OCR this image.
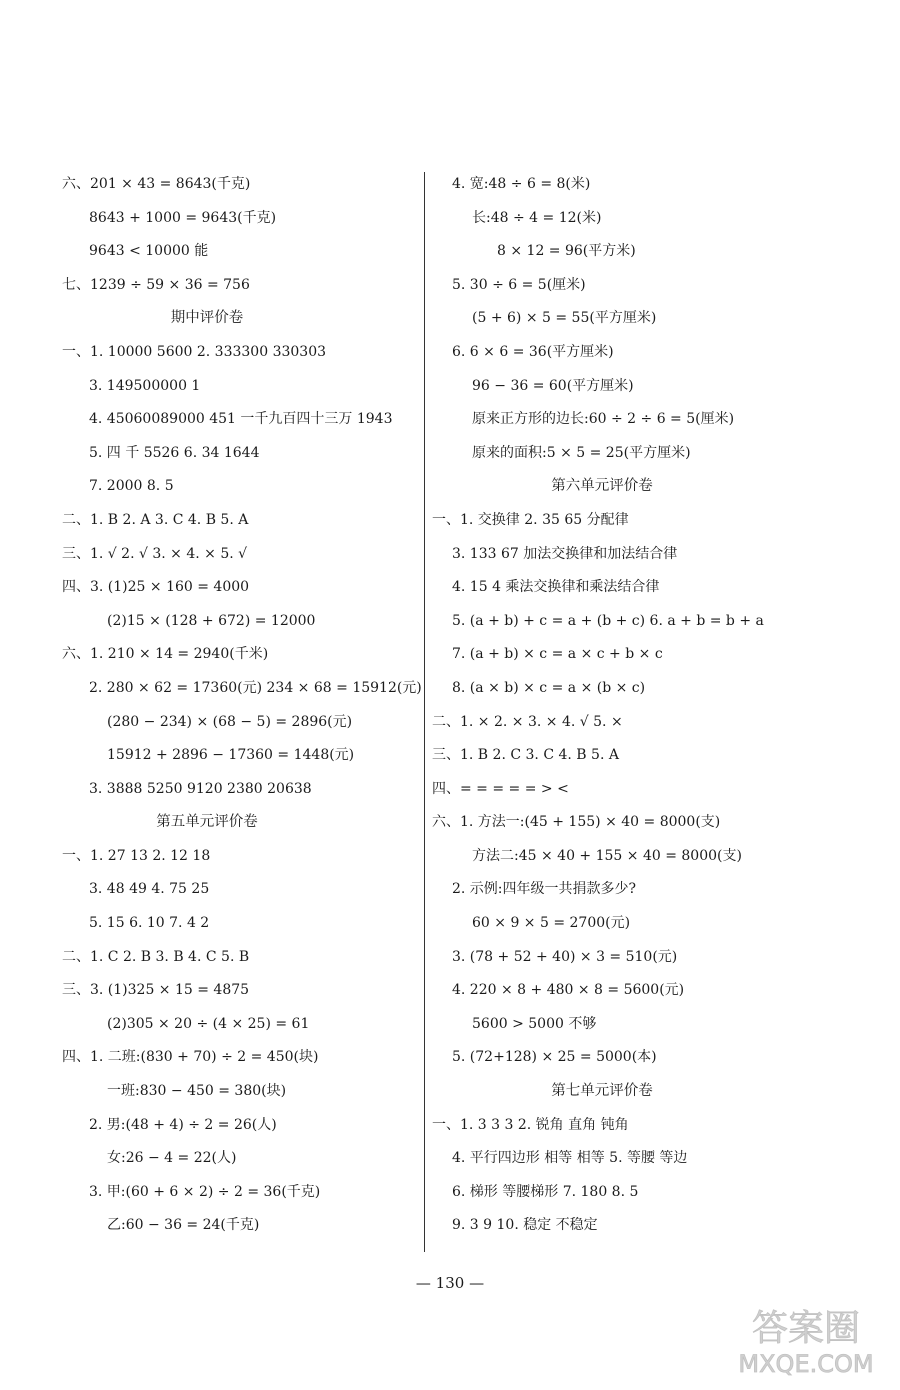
六、201 × 43 = 8643(千克)
8643 + 1000 = 9643(千克)
9643 < 10000 能
七、1239 ÷ 59 × 36 = 756
期中评价卷
一、1. 10000 5600 2. 333300 330303
3. 149500000 1
4. 45060089000 451 一千九百四十三万 1943
5. 四 千 5526 6. 34 1644
7. 2000 8. 5
二、1. B 2. A 3. C 4. B 5. A
三、1. √ 2. √ 3. × 4. × 5. √
四、3. (1)25 × 160 = 4000
(2)15 × (128 + 672) = 12000
六、1. 210 × 14 = 2940(千米)
2. 280 × 62 = 17360(元) 234 × 68 = 15912(元)
(280 − 234) × (68 − 5) = 2896(元)
15912 + 2896 − 17360 = 1448(元)
3. 3888 5250 9120 2380 20638
第五单元评价卷
一、1. 27 13 2. 12 18
3. 48 49 4. 75 25
5. 15 6. 10 7. 4 2
二、1. C 2. B 3. B 4. C 5. B
三、3. (1)325 × 15 = 4875
(2)305 × 20 ÷ (4 × 25) = 61
四、1. 二班:(830 + 70) ÷ 2 = 450(块)
一班:830 − 450 = 380(块)
2. 男:(48 + 4) ÷ 2 = 26(人)
女:26 − 4 = 22(人)
3. 甲:(60 + 6 × 2) ÷ 2 = 36(千克)
乙:60 − 36 = 24(千克)
4. 宽:48 ÷ 6 = 8(米)
长:48 ÷ 4 = 12(米)
8 × 12 = 96(平方米)
5. 30 ÷ 6 = 5(厘米)
(5 + 6) × 5 = 55(平方厘米)
6. 6 × 6 = 36(平方厘米)
96 − 36 = 60(平方厘米)
原来正方形的边长:60 ÷ 2 ÷ 6 = 5(厘米)
原来的面积:5 × 5 = 25(平方厘米)
第六单元评价卷
一、1. 交换律 2. 35 65 分配律
3. 133 67 加法交换律和加法结合律
4. 15 4 乘法交换律和乘法结合律
5. (a + b) + c = a + (b + c) 6. a + b = b + a
7. (a + b) × c = a × c + b × c
8. (a × b) × c = a × (b × c)
二、1. × 2. × 3. × 4. √ 5. ×
三、1. B 2. C 3. C 4. B 5. A
四、= = = = = > <
六、1. 方法一:(45 + 155) × 40 = 8000(支)
方法二:45 × 40 + 155 × 40 = 8000(支)
2. 示例:四年级一共捐款多少?
60 × 9 × 5 = 2700(元)
3. (78 + 52 + 40) × 3 = 510(元)
4. 220 × 8 + 480 × 8 = 5600(元)
5600 > 5000 不够
5. (72+128) × 25 = 5000(本)
第七单元评价卷
一、1. 3 3 3 2. 锐角 直角 钝角
4. 平行四边形 相等 相等 5. 等腰 等边
6. 梯形 等腰梯形 7. 180 8. 5
9. 3 9 10. 稳定 不稳定
— 130 —
答案圈
MXQE.COM
